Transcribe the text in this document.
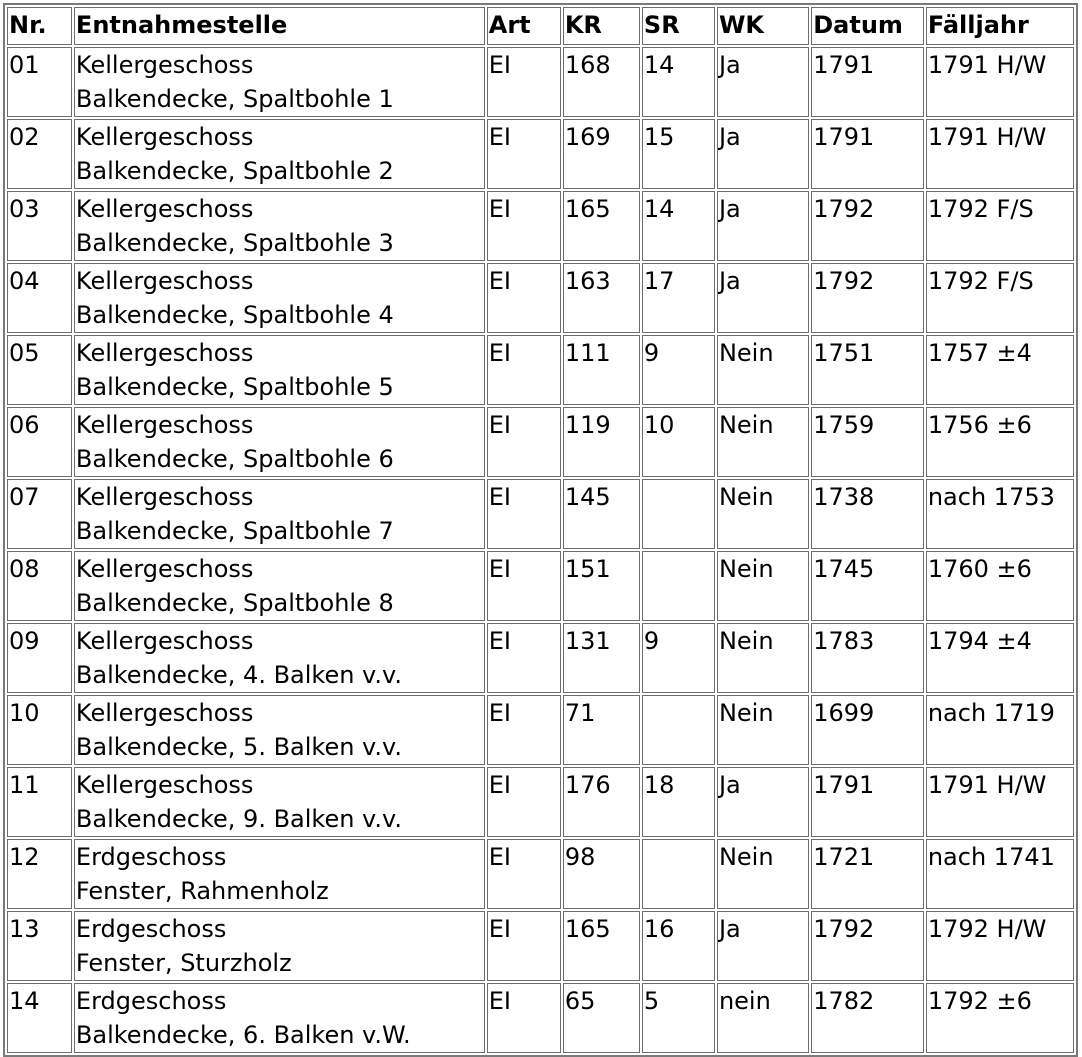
Nr.	Entnahmestelle	Art	KR	SR	WK	Datum	Fälljahr
01	Kellergeschoss
Balkendecke, Spaltbohle 1	EI	168	14	Ja	1791	1791 H/W
02	Kellergeschoss
Balkendecke, Spaltbohle 2	EI	169	15	Ja	1791	1791 H/W
03	Kellergeschoss
Balkendecke, Spaltbohle 3	EI	165	14	Ja	1792	1792 F/S
04	Kellergeschoss
Balkendecke, Spaltbohle 4	EI	163	17	Ja	1792	1792 F/S
05	Kellergeschoss
Balkendecke, Spaltbohle 5	EI	111	9	Nein	1751	1757 ±4
06	Kellergeschoss
Balkendecke, Spaltbohle 6	EI	119	10	Nein	1759	1756 ±6
07	Kellergeschoss
Balkendecke, Spaltbohle 7	EI	145		Nein	1738	nach 1753
08	Kellergeschoss
Balkendecke, Spaltbohle 8	EI	151		Nein	1745	1760 ±6
09	Kellergeschoss
Balkendecke, 4. Balken v.v.	EI	131	9	Nein	1783	1794 ±4
10	Kellergeschoss
Balkendecke, 5. Balken v.v.	EI	71		Nein	1699	nach 1719
11	Kellergeschoss
Balkendecke, 9. Balken v.v.	EI	176	18	Ja	1791	1791 H/W
12	Erdgeschoss
Fenster, Rahmenholz	EI	98		Nein	1721	nach 1741
13	Erdgeschoss
Fenster, Sturzholz	EI	165	16	Ja	1792	1792 H/W
14	Erdgeschoss
Balkendecke, 6. Balken v.W.	EI	65	5	nein	1782	1792 ±6
